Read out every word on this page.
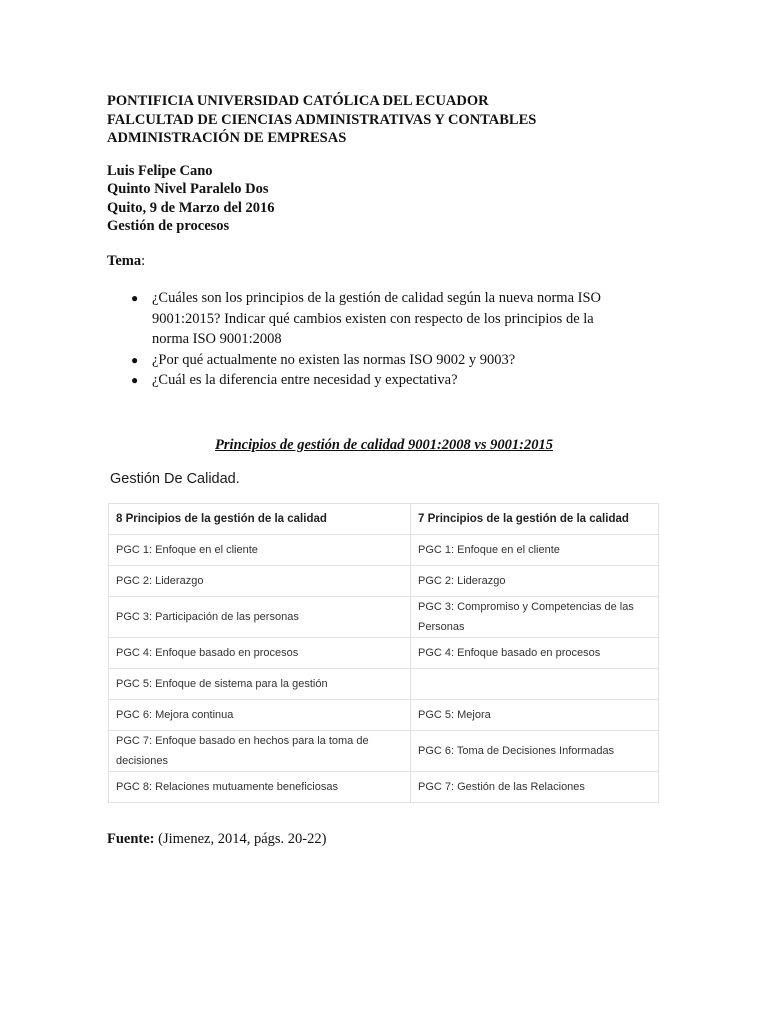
PONTIFICIA UNIVERSIDAD CATÓLICA DEL ECUADOR
FALCULTAD DE CIENCIAS ADMINISTRATIVAS Y CONTABLES
ADMINISTRACIÓN DE EMPRESAS
Luis Felipe Cano
Quinto Nivel Paralelo Dos
Quito, 9 de Marzo del 2016
Gestión de procesos
Tema:
● ¿Cuáles son los principios de la gestión de calidad según la nueva norma ISO 9001:2015? Indicar qué cambios existen con respecto de los principios de la norma ISO 9001:2008
● ¿Por qué actualmente no existen las normas ISO 9002 y 9003?
● ¿Cuál es la diferencia entre necesidad y expectativa?
Principios de gestión de calidad 9001:2008 vs 9001:2015
Gestión De Calidad.
8 Principios de la gestión de la calidad	7 Principios de la gestión de la calidad
PGC 1: Enfoque en el cliente	PGC 1: Enfoque en el cliente
PGC 2: Liderazgo	PGC 2: Liderazgo
PGC 3: Participación de las personas	PGC 3: Compromiso y Competencias de las Personas
PGC 4: Enfoque basado en procesos	PGC 4: Enfoque basado en procesos
PGC 5: Enfoque de sistema para la gestión	
PGC 6: Mejora continua	PGC 5: Mejora
PGC 7: Enfoque basado en hechos para la toma de decisiones	PGC 6: Toma de Decisiones Informadas
PGC 8: Relaciones mutuamente beneficiosas	PGC 7: Gestión de las Relaciones
Fuente: (Jimenez, 2014, págs. 20-22)
